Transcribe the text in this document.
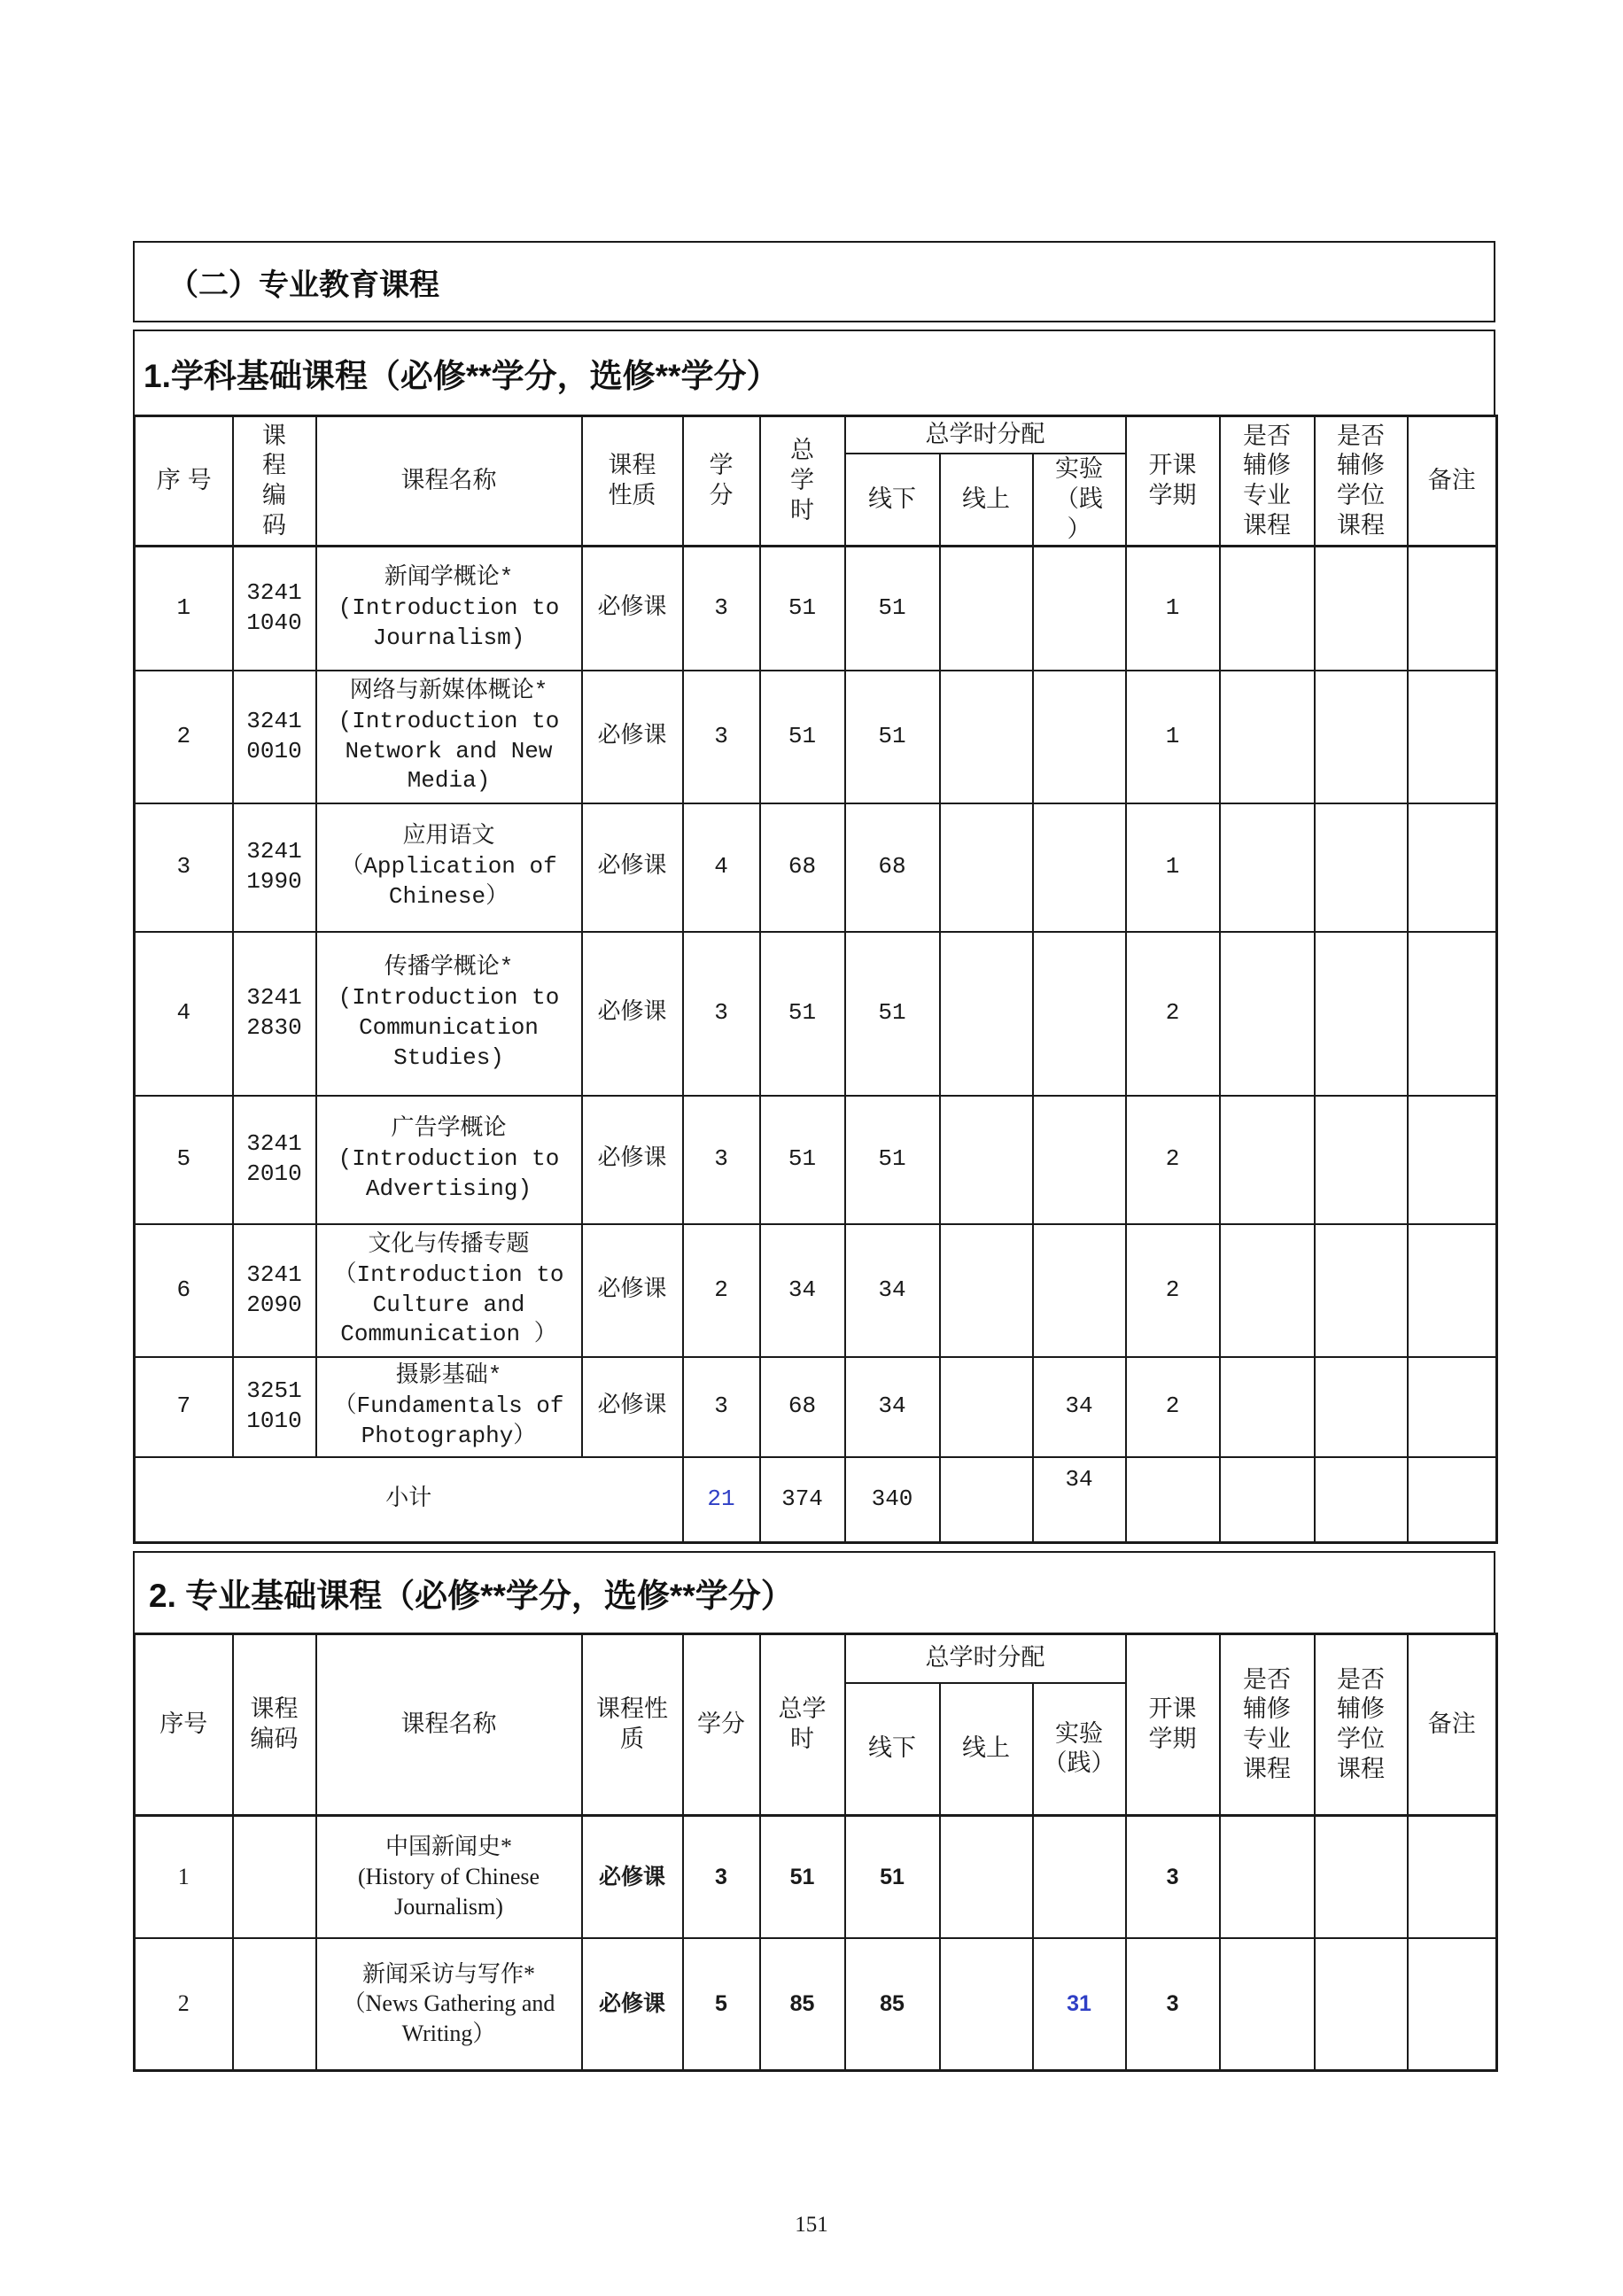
（二）专业教育课程
1.学科基础课程（必修**学分，选修**学分）
序号	课
程
编
码	课程名称	课程
性质	学
分	总
学
时	总学时分配			开课
学期	是否
辅修
专业
课程	是否
辅修
学位
课程	备注
						线下	线上	实验
（践
）				
1	3241
1040	新闻学概论*
(Introduction to
Journalism)	必修课	3	51	51			1			
2	3241
0010	网络与新媒体概论*
(Introduction to
Network and New
Media)	必修课	3	51	51			1			
3	3241
1990	应用语文
（Application of
Chinese）	必修课	4	68	68			1			
4	3241
2830	传播学概论*
(Introduction to
Communication
Studies)	必修课	3	51	51			2			
5	3241
2010	广告学概论
(Introduction to
Advertising)	必修课	3	51	51			2			
6	3241
2090	文化与传播专题
（Introduction to
Culture and
Communication ）	必修课	2	34	34			2			
7	3251
1010	摄影基础*
（Fundamentals of
Photography）	必修课	3	68	34		34	2			
小计				21	374	340		34				
2. 专业基础课程（必修**学分，选修**学分）
序号	课程
编码	课程名称	课程性
质	学分	总学
时	总学时分配			开课
学期	是否
辅修
专业
课程	是否
辅修
学位
课程	备注
						线下	线上	实验
（践）				
1		中国新闻史*
(History of Chinese
Journalism)	必修课	3	51	51			3			
2		新闻采访与写作*
（News Gathering and
Writing）	必修课	5	85	85		31	3			
151
